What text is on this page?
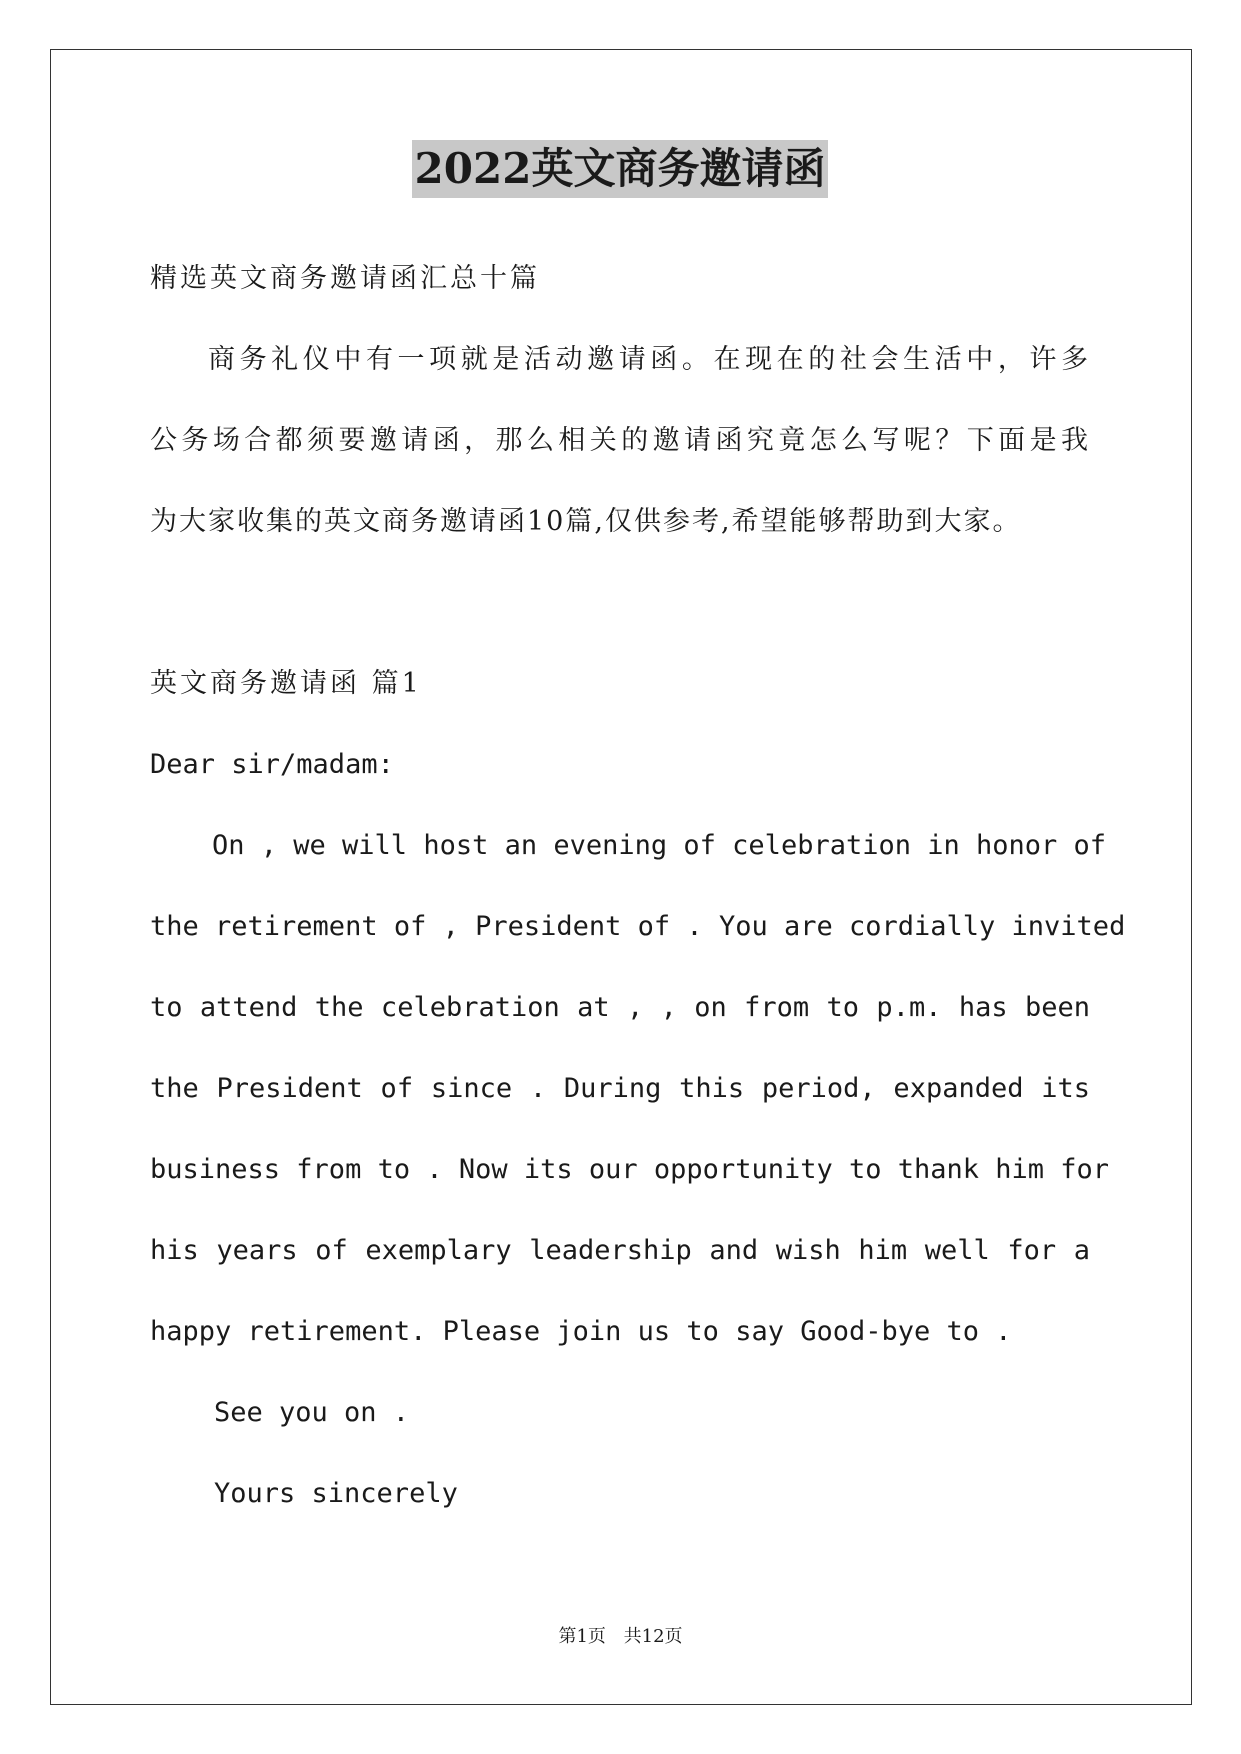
2022英文商务邀请函

精选英文商务邀请函汇总十篇

商务礼仪中有一项就是活动邀请函。在现在的社会生活中，许多
公务场合都须要邀请函，那么相关的邀请函究竟怎么写呢？下面是我
为大家收集的英文商务邀请函10篇,仅供参考,希望能够帮助到大家。

英文商务邀请函 篇1

Dear sir/madam:

On , we will host an evening of celebration in honor of
the retirement of , President of . You are cordially invited
to attend the celebration at , , on from to p.m. has been
the President of since . During this period, expanded its
business from to . Now its our opportunity to thank him for
his years of exemplary leadership and wish him well for a
happy retirement. Please join us to say Good-bye to .

See you on .

Yours sincerely

第1页 共12页
